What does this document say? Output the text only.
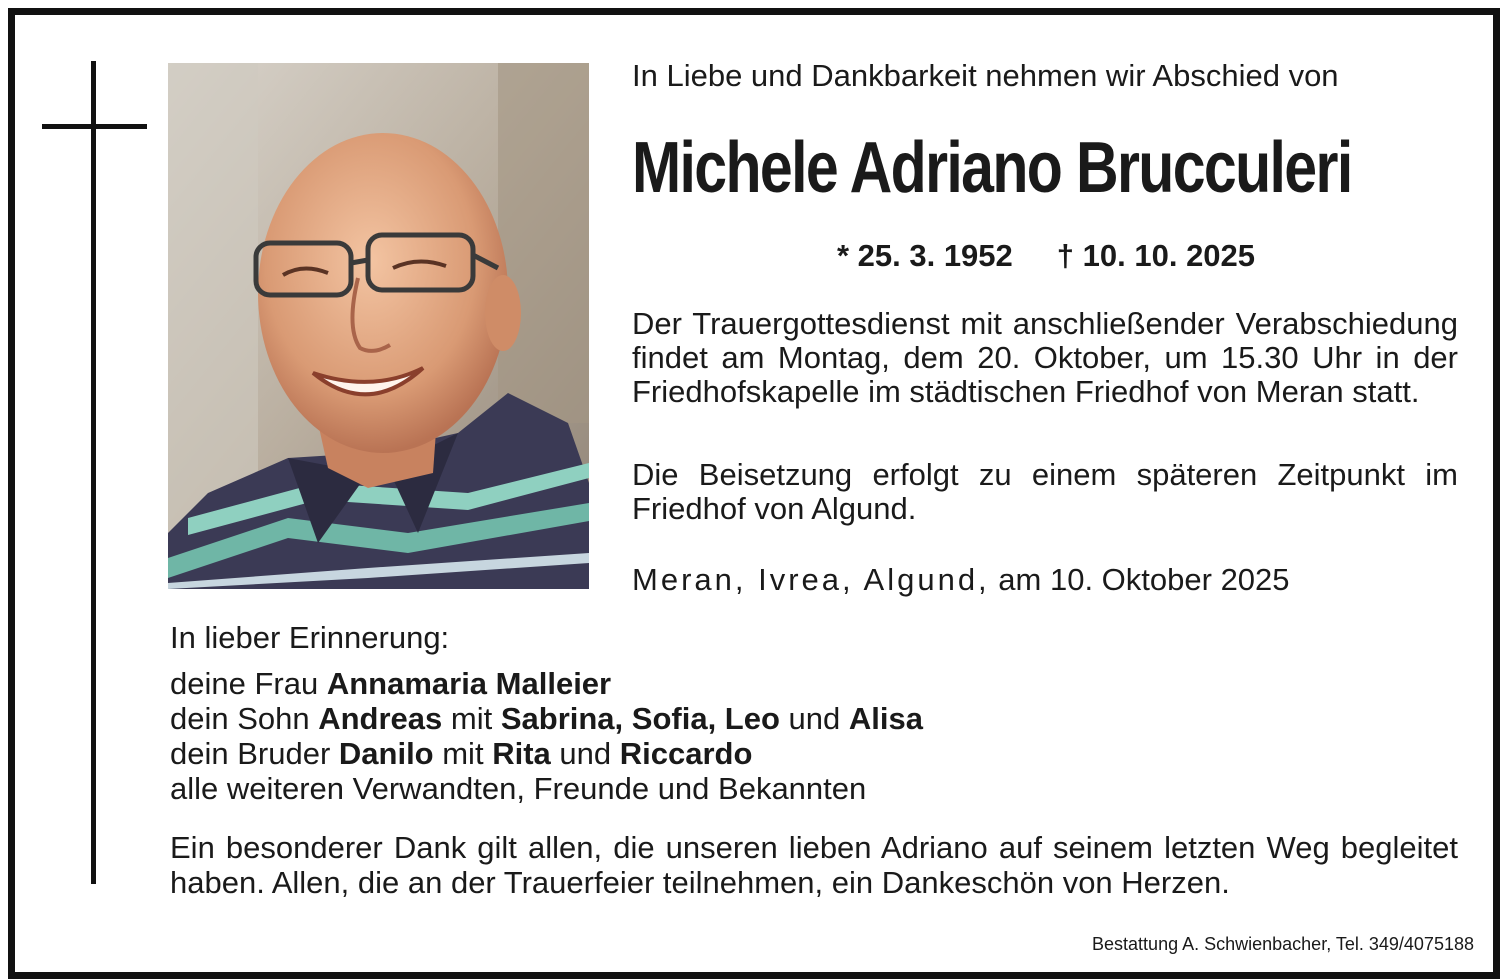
In Liebe und Dankbarkeit nehmen wir Abschied von
Michele Adriano Brucculeri
* 25. 3. 1952 † 10. 10. 2025
Der Trauergottesdienst mit anschließender Verabschiedung findet am Montag, dem 20. Oktober, um 15.30 Uhr in der Friedhofskapelle im städtischen Friedhof von Meran statt.
Die Beisetzung erfolgt zu einem späteren Zeitpunkt im Friedhof von Algund.
Meran, Ivrea, Algund, am 10. Oktober 2025
In lieber Erinnerung:
deine Frau Annamaria Malleier
dein Sohn Andreas mit Sabrina, Sofia, Leo und Alisa
dein Bruder Danilo mit Rita und Riccardo
alle weiteren Verwandten, Freunde und Bekannten
Ein besonderer Dank gilt allen, die unseren lieben Adriano auf seinem letzten Weg begleitet haben. Allen, die an der Trauerfeier teilnehmen, ein Dankeschön von Herzen.
Bestattung A. Schwienbacher, Tel. 349/4075188
